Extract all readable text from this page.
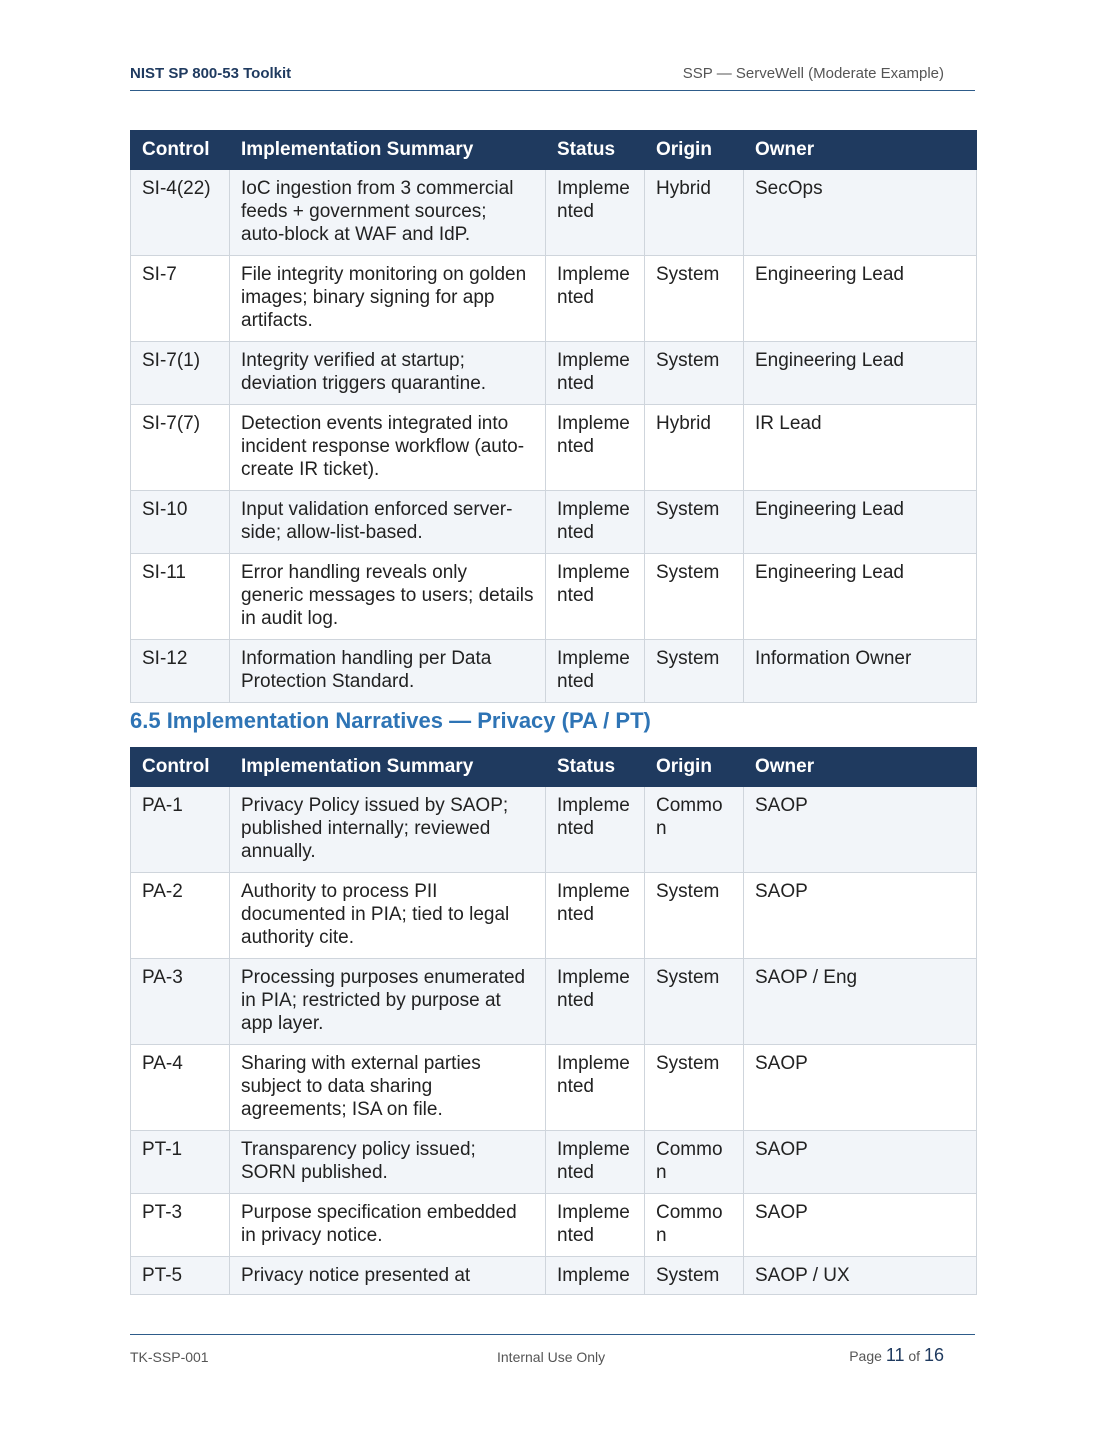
NIST SP 800-53 Toolkit	SSP — ServeWell (Moderate Example)
Control	Implementation Summary	Status	Origin	Owner
SI-4(22)	IoC ingestion from 3 commercial feeds + government sources; auto-block at WAF and IdP.	Implemented	Hybrid	SecOps
SI-7	File integrity monitoring on golden images; binary signing for app artifacts.	Implemented	System	Engineering Lead
SI-7(1)	Integrity verified at startup; deviation triggers quarantine.	Implemented	System	Engineering Lead
SI-7(7)	Detection events integrated into incident response workflow (auto-create IR ticket).	Implemented	Hybrid	IR Lead
SI-10	Input validation enforced server-side; allow-list-based.	Implemented	System	Engineering Lead
SI-11	Error handling reveals only generic messages to users; details in audit log.	Implemented	System	Engineering Lead
SI-12	Information handling per Data Protection Standard.	Implemented	System	Information Owner
6.5 Implementation Narratives — Privacy (PA / PT)
Control	Implementation Summary	Status	Origin	Owner
PA-1	Privacy Policy issued by SAOP; published internally; reviewed annually.	Implemented	Common	SAOP
PA-2	Authority to process PII documented in PIA; tied to legal authority cite.	Implemented	System	SAOP
PA-3	Processing purposes enumerated in PIA; restricted by purpose at app layer.	Implemented	System	SAOP / Eng
PA-4	Sharing with external parties subject to data sharing agreements; ISA on file.	Implemented	System	SAOP
PT-1	Transparency policy issued; SORN published.	Implemented	Common	SAOP
PT-3	Purpose specification embedded in privacy notice.	Implemented	Common	SAOP
PT-5	Privacy notice presented at	Impleme	System	SAOP / UX
TK-SSP-001	Internal Use Only	Page 11 of 16
